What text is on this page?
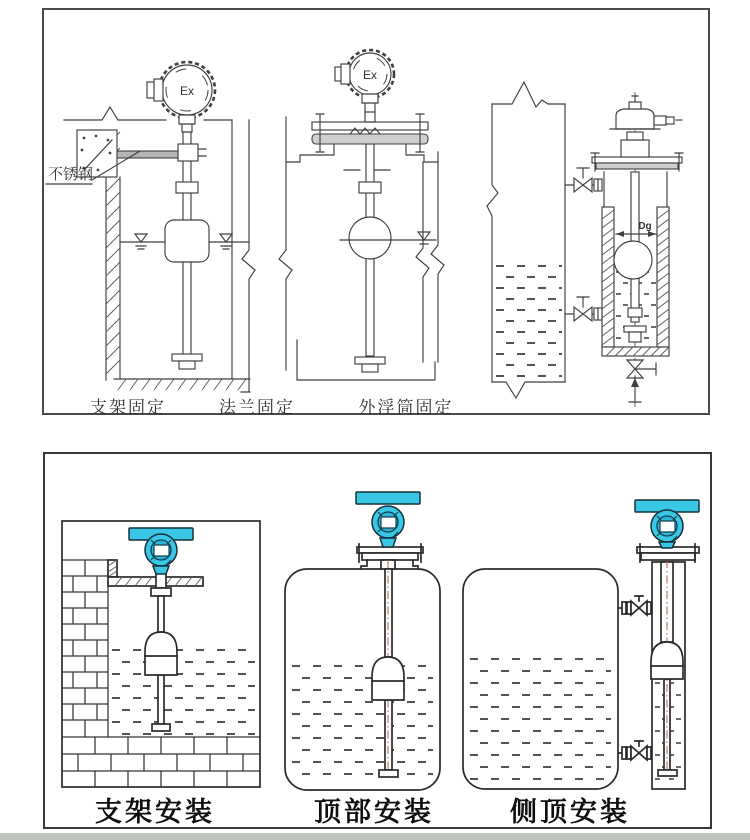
不锈钢
Ex
Ex
Dg
支架固定	法兰固定	外浮筒固定
支架安装	顶部安装	侧顶安装
